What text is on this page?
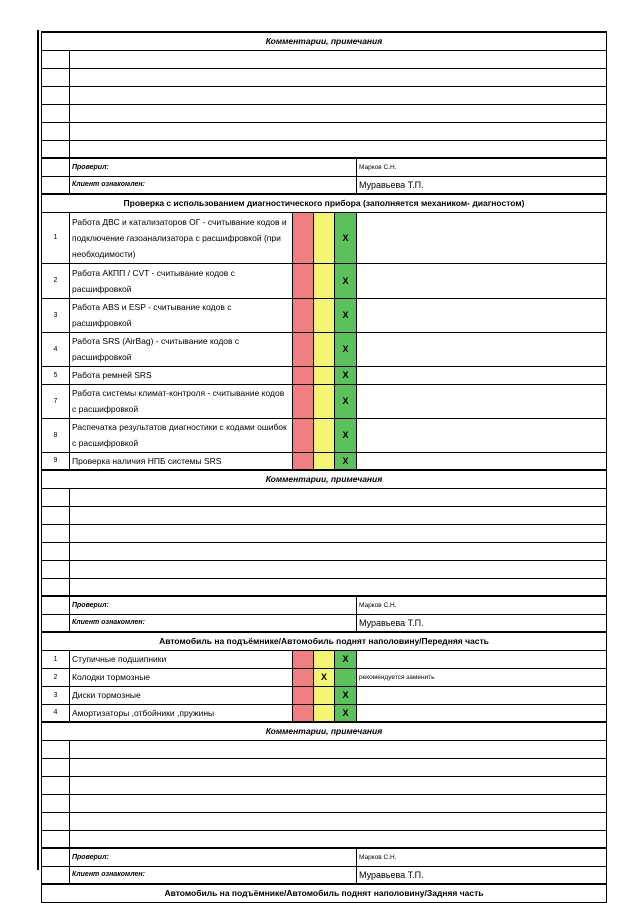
Комментарии, примечания					

	Проверил:				Марков С.Н.
	Клиент ознакомлен:				Муравьева Т.П.
Проверка с использованием диагностического прибора (заполняется механиком- диагностом)					
1	Работа ДВС и катализаторов ОГ - считывание кодов и подключение газоанализатора с расшифровкой (при необходимости)			X	
2	Работа АКПП / CVT - считывание кодов с расшифровкой			X	
3	Работа ABS и ESP - считывание кодов с расшифровкой			X	
4	Работа SRS (AirBag) - считывание кодов с расшифровкой			X	
5	Работа ремней SRS			X	
7	Работа системы климат-контроля - считывание кодов с расшифровкой			X	
8	Распечатка результатов диагностики с кодами ошибок с расшифровкой			X	
9	Проверка наличия НПБ системы SRS			X	
Комментарии, примечания					

	Проверил:				Марков С.Н.
	Клиент ознакомлен:				Муравьева Т.П.
Автомобиль на подъёмнике/Автомобиль поднят наполовину/Передняя часть					
1	Ступичные подшипники			X	
2	Колодки тормозные		X		рекомендуется заменить
3	Диски тормозные			X	
4	Амортизаторы ,отбойники ,пружины			X	
Комментарии, примечания					

	Проверил:				Марков С.Н.
	Клиент ознакомлен:				Муравьева Т.П.
Автомобиль на подъёмнике/Автомобиль поднят наполовину/Задняя часть					
